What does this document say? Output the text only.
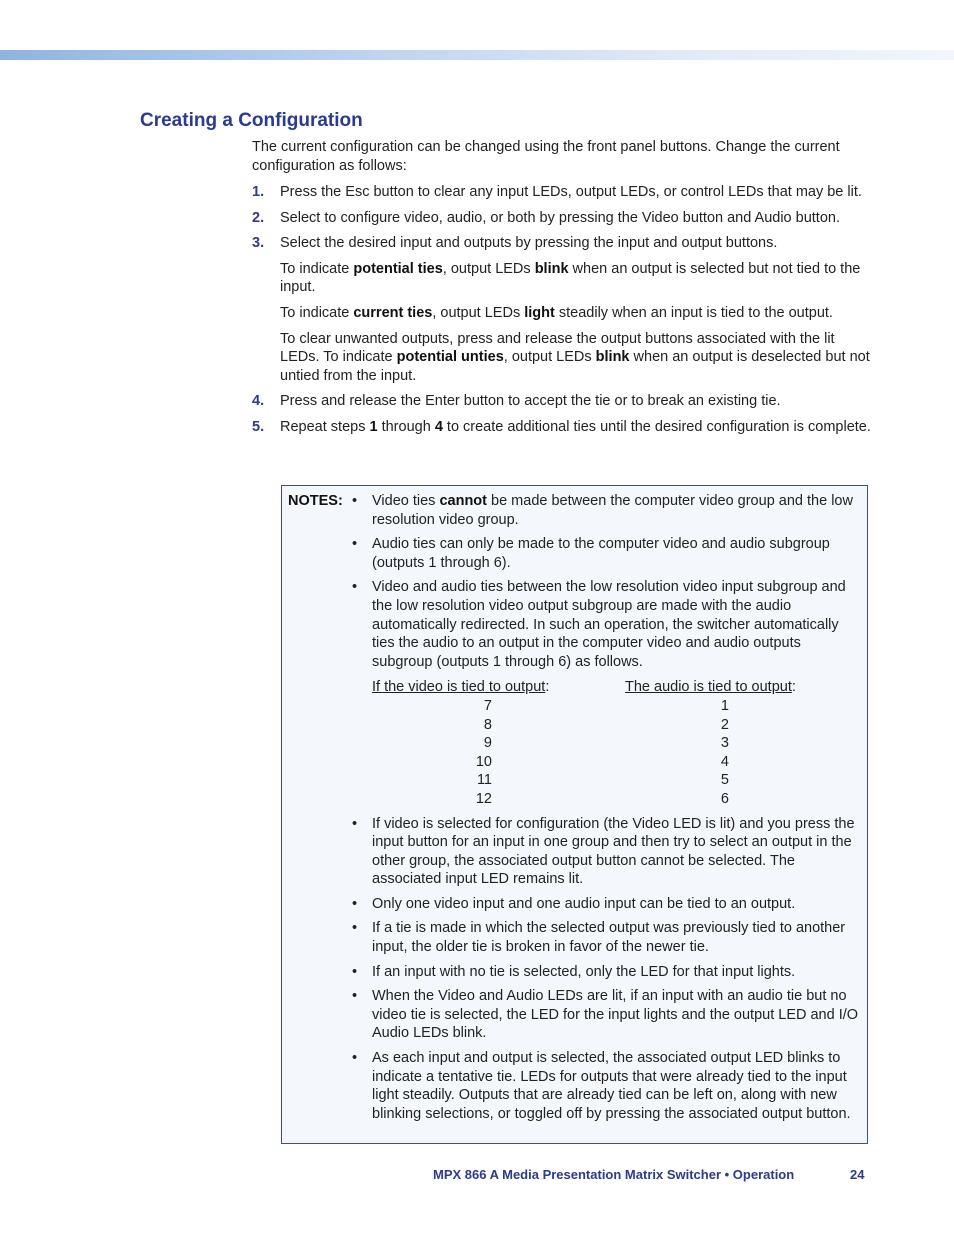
Creating a Configuration
The current configuration can be changed using the front panel buttons. Change the current configuration as follows:
1.	Press the Esc button to clear any input LEDs, output LEDs, or control LEDs that may be lit.
2.	Select to configure video, audio, or both by pressing the Video button and Audio button.
3.	Select the desired input and outputs by pressing the input and output buttons.
To indicate potential ties, output LEDs blink when an output is selected but not tied to the input.
To indicate current ties, output LEDs light steadily when an input is tied to the output.
To clear unwanted outputs, press and release the output buttons associated with the lit LEDs. To indicate potential unties, output LEDs blink when an output is deselected but not untied from the input.
4.	Press and release the Enter button to accept the tie or to break an existing tie.
5.	Repeat steps 1 through 4 to create additional ties until the desired configuration is complete.
NOTES: •	Video ties cannot be made between the computer video group and the low resolution video group.
•	Audio ties can only be made to the computer video and audio subgroup (outputs 1 through 6).
•	Video and audio ties between the low resolution video input subgroup and the low resolution video output subgroup are made with the audio automatically redirected. In such an operation, the switcher automatically ties the audio to an output in the computer video and audio outputs subgroup (outputs 1 through 6) as follows.
If the video is tied to output:	The audio is tied to output:
7	1
8	2
9	3
10	4
11	5
12	6
•	If video is selected for configuration (the Video LED is lit) and you press the input button for an input in one group and then try to select an output in the other group, the associated output button cannot be selected. The associated input LED remains lit.
•	Only one video input and one audio input can be tied to an output.
•	If a tie is made in which the selected output was previously tied to another input, the older tie is broken in favor of the newer tie.
•	If an input with no tie is selected, only the LED for that input lights.
•	When the Video and Audio LEDs are lit, if an input with an audio tie but no video tie is selected, the LED for the input lights and the output LED and I/O Audio LEDs blink.
•	As each input and output is selected, the associated output LED blinks to indicate a tentative tie. LEDs for outputs that were already tied to the input light steadily. Outputs that are already tied can be left on, along with new blinking selections, or toggled off by pressing the associated output button.
MPX 866 A Media Presentation Matrix Switcher • Operation	24
